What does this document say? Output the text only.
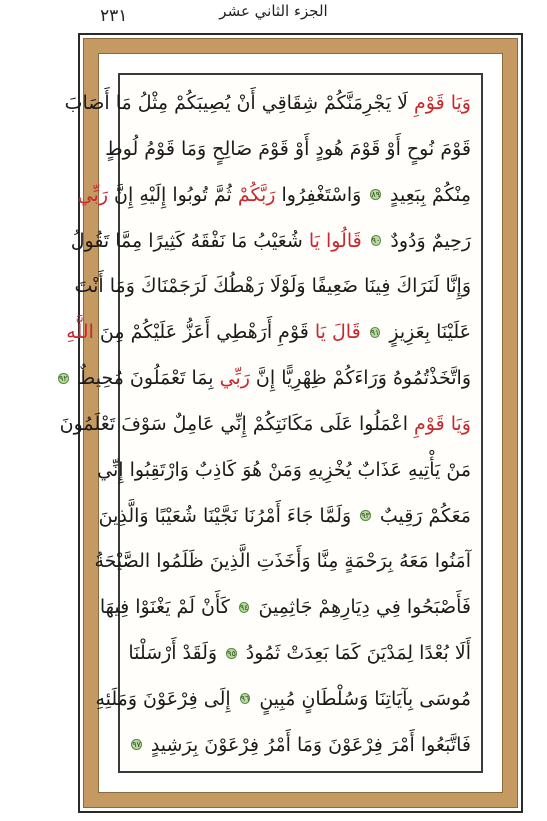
٢٣١	الجزء الثاني عشر
وَيَا قَوْمِ لَا يَجْرِمَنَّكُمْ شِقَاقِي أَنْ يُصِيبَكُمْ مِثْلُ مَا أَصَابَ
قَوْمَ نُوحٍ أَوْ قَوْمَ هُودٍ أَوْ قَوْمَ صَالِحٍ وَمَا قَوْمُ لُوطٍ
مِنْكُمْ بِبَعِيدٍ ٨٩ وَاسْتَغْفِرُوا رَبَّكُمْ ثُمَّ تُوبُوا إِلَيْهِ إِنَّ رَبِّي
رَحِيمٌ وَدُودٌ ٩٠ قَالُوا يَا شُعَيْبُ مَا نَفْقَهُ كَثِيرًا مِمَّا تَقُولُ
وَإِنَّا لَنَرَاكَ فِينَا ضَعِيفًا وَلَوْلَا رَهْطُكَ لَرَجَمْنَاكَ وَمَا أَنْتَ
عَلَيْنَا بِعَزِيزٍ ٩١ قَالَ يَا قَوْمِ أَرَهْطِي أَعَزُّ عَلَيْكُمْ مِنَ اللَّهِ
وَاتَّخَذْتُمُوهُ وَرَاءَكُمْ ظِهْرِيًّا إِنَّ رَبِّي بِمَا تَعْمَلُونَ مُحِيطٌ ٩٢
وَيَا قَوْمِ اعْمَلُوا عَلَى مَكَانَتِكُمْ إِنِّي عَامِلٌ سَوْفَ تَعْلَمُونَ
مَنْ يَأْتِيهِ عَذَابٌ يُخْزِيهِ وَمَنْ هُوَ كَاذِبٌ وَارْتَقِبُوا إِنِّي
مَعَكُمْ رَقِيبٌ ٩٣ وَلَمَّا جَاءَ أَمْرُنَا نَجَّيْنَا شُعَيْبًا وَالَّذِينَ
آمَنُوا مَعَهُ بِرَحْمَةٍ مِنَّا وَأَخَذَتِ الَّذِينَ ظَلَمُوا الصَّيْحَةُ
فَأَصْبَحُوا فِي دِيَارِهِمْ جَاثِمِينَ ٩٤ كَأَنْ لَمْ يَغْنَوْا فِيهَا
أَلَا بُعْدًا لِمَدْيَنَ كَمَا بَعِدَتْ ثَمُودُ ٩٥ وَلَقَدْ أَرْسَلْنَا
مُوسَى بِآيَاتِنَا وَسُلْطَانٍ مُبِينٍ ٩٦ إِلَى فِرْعَوْنَ وَمَلَئِهِ
فَاتَّبَعُوا أَمْرَ فِرْعَوْنَ وَمَا أَمْرُ فِرْعَوْنَ بِرَشِيدٍ ٩٧
